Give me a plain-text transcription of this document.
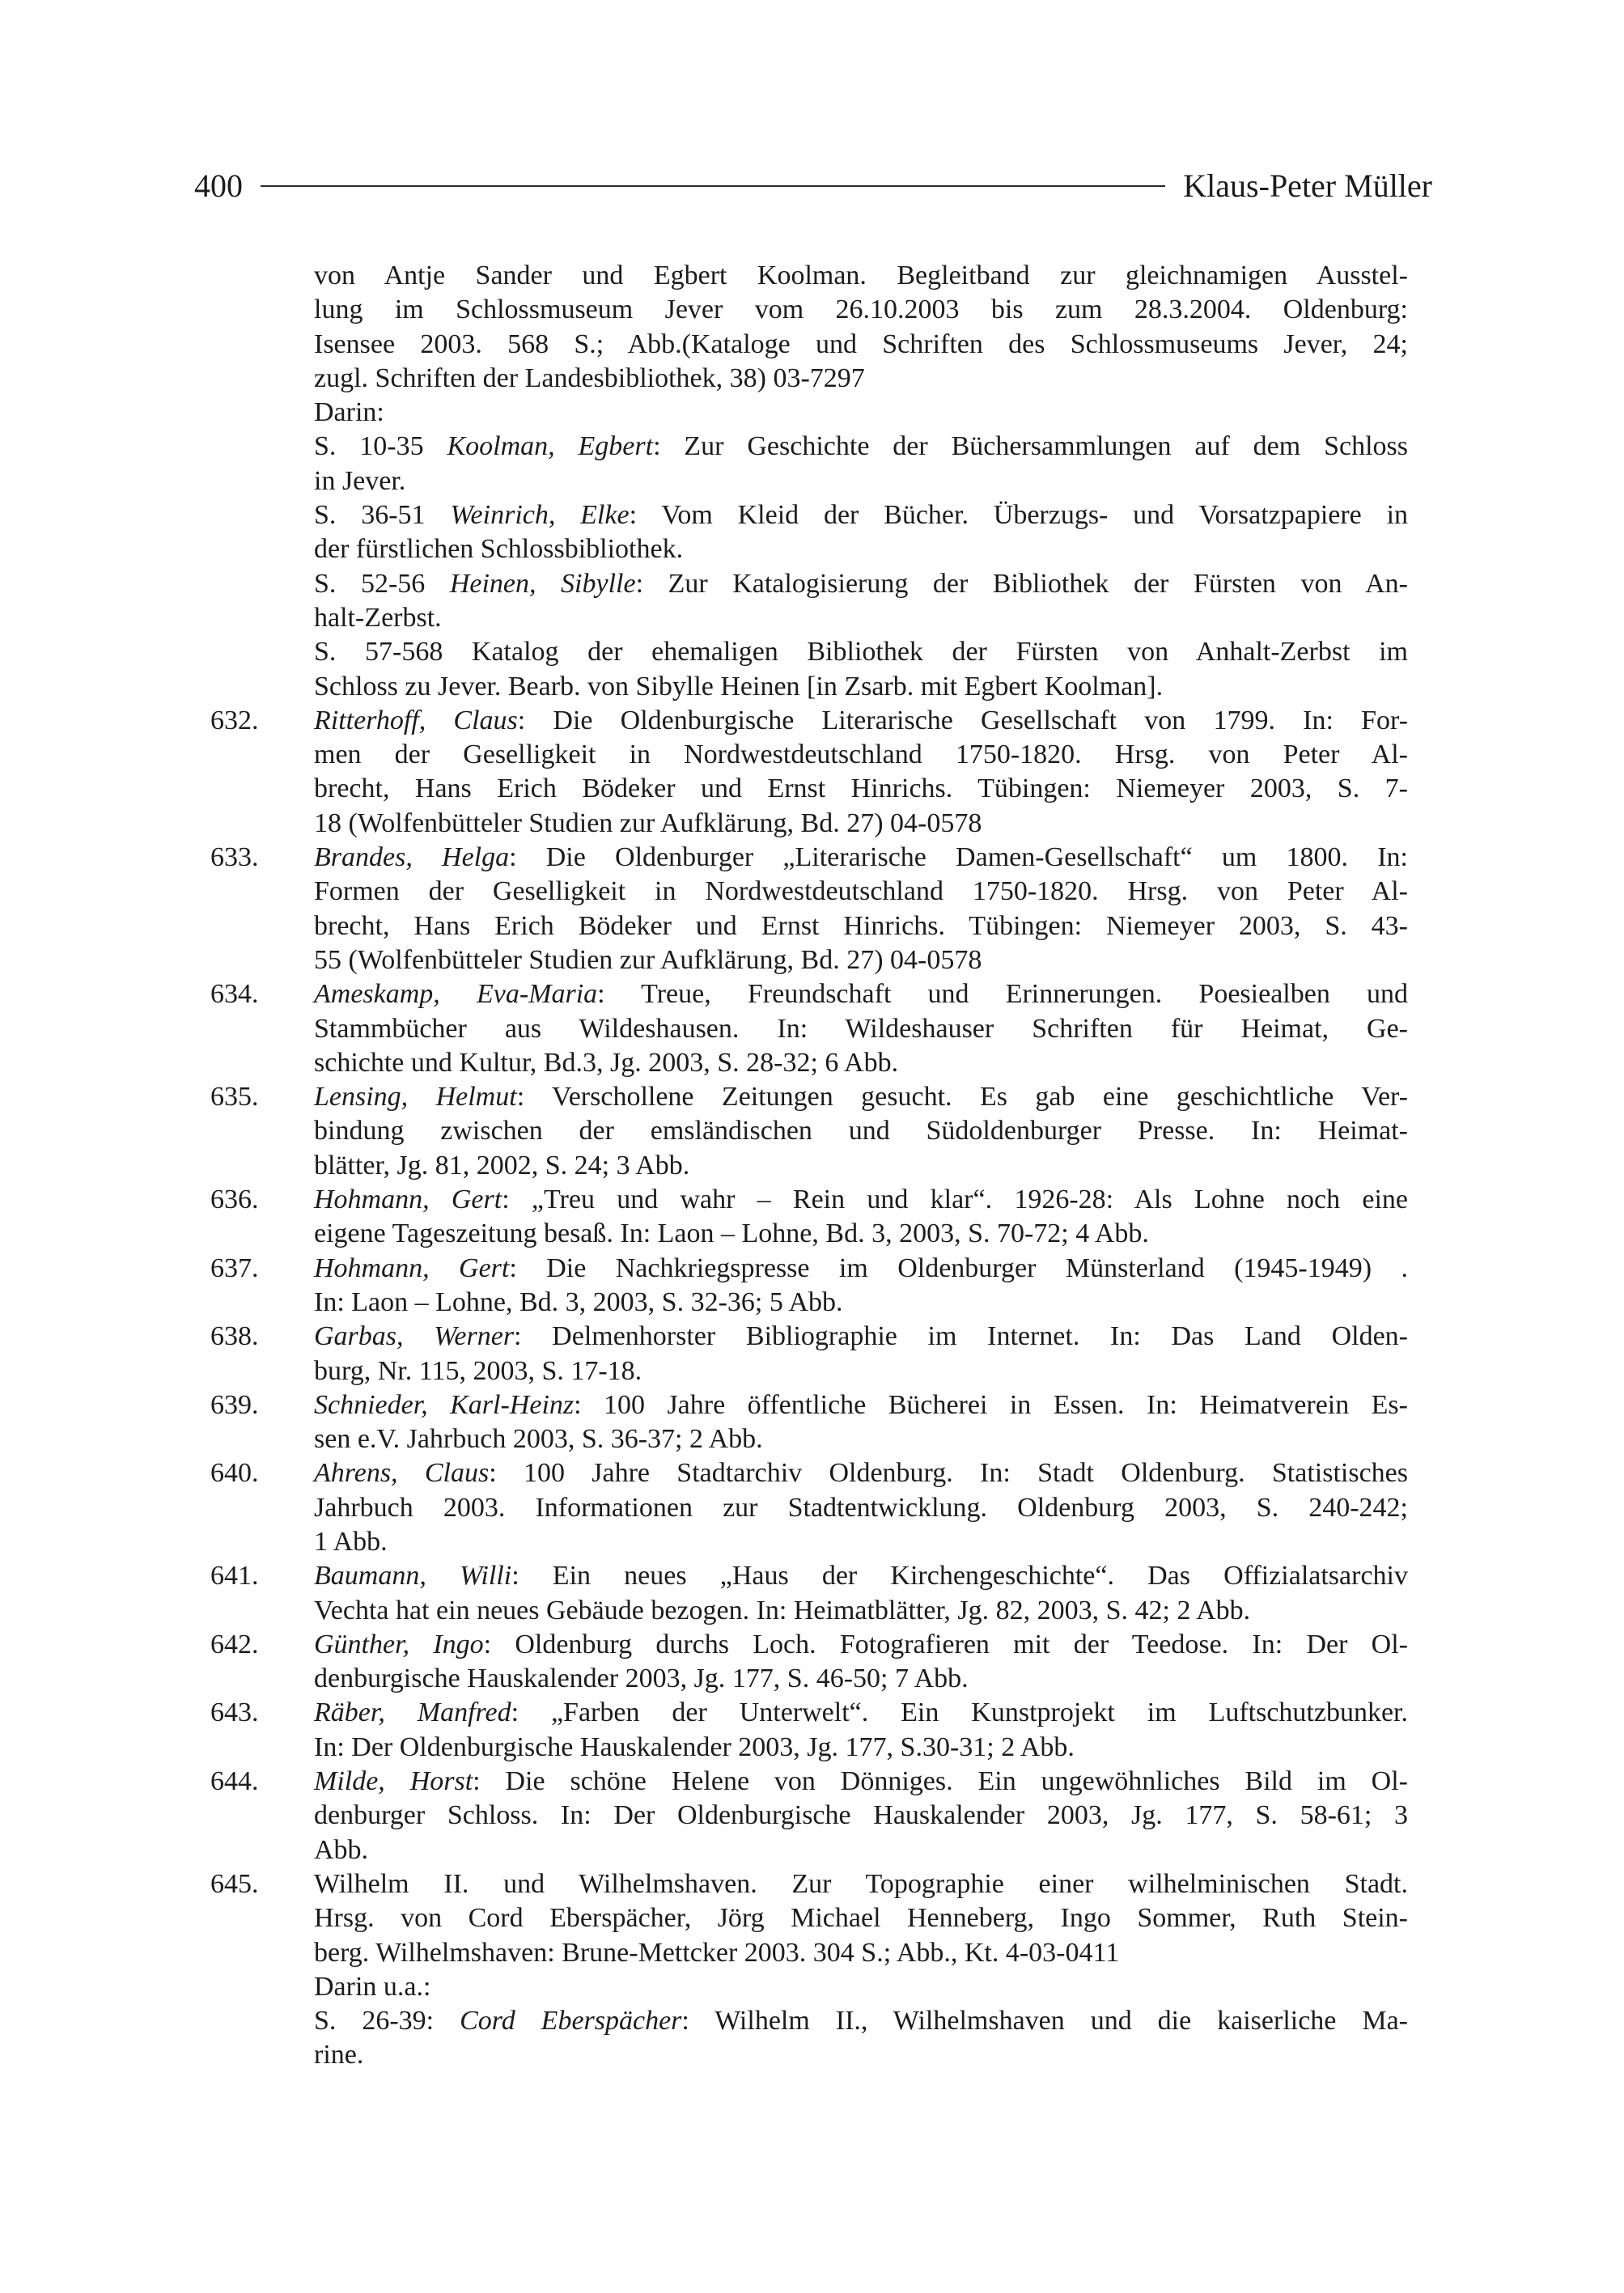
400	Klaus-Peter Müller
von Antje Sander und Egbert Koolman. Begleitband zur gleichnamigen Ausstel-
lung im Schlossmuseum Jever vom 26.10.2003 bis zum 28.3.2004. Oldenburg:
Isensee 2003. 568 S.; Abb.(Kataloge und Schriften des Schlossmuseums Jever, 24;
zugl. Schriften der Landesbibliothek, 38) 03-7297
Darin:
S. 10-35 Koolman, Egbert: Zur Geschichte der Büchersammlungen auf dem Schloss
in Jever.
S. 36-51 Weinrich, Elke: Vom Kleid der Bücher. Überzugs- und Vorsatzpapiere in
der fürstlichen Schlossbibliothek.
S. 52-56 Heinen, Sibylle: Zur Katalogisierung der Bibliothek der Fürsten von An-
halt-Zerbst.
S. 57-568 Katalog der ehemaligen Bibliothek der Fürsten von Anhalt-Zerbst im
Schloss zu Jever. Bearb. von Sibylle Heinen [in Zsarb. mit Egbert Koolman].
632.	Ritterhoff, Claus: Die Oldenburgische Literarische Gesellschaft von 1799. In: For-
men der Geselligkeit in Nordwestdeutschland 1750-1820. Hrsg. von Peter Al-
brecht, Hans Erich Bödeker und Ernst Hinrichs. Tübingen: Niemeyer 2003, S. 7-
18 (Wolfenbütteler Studien zur Aufklärung, Bd. 27) 04-0578
633.	Brandes, Helga: Die Oldenburger „Literarische Damen-Gesellschaft“ um 1800. In:
Formen der Geselligkeit in Nordwestdeutschland 1750-1820. Hrsg. von Peter Al-
brecht, Hans Erich Bödeker und Ernst Hinrichs. Tübingen: Niemeyer 2003, S. 43-
55 (Wolfenbütteler Studien zur Aufklärung, Bd. 27) 04-0578
634.	Ameskamp, Eva-Maria: Treue, Freundschaft und Erinnerungen. Poesiealben und
Stammbücher aus Wildeshausen. In: Wildeshauser Schriften für Heimat, Ge-
schichte und Kultur, Bd.3, Jg. 2003, S. 28-32; 6 Abb.
635.	Lensing, Helmut: Verschollene Zeitungen gesucht. Es gab eine geschichtliche Ver-
bindung zwischen der emsländischen und Südoldenburger Presse. In: Heimat-
blätter, Jg. 81, 2002, S. 24; 3 Abb.
636.	Hohmann, Gert: „Treu und wahr – Rein und klar“. 1926-28: Als Lohne noch eine
eigene Tageszeitung besaß. In: Laon – Lohne, Bd. 3, 2003, S. 70-72; 4 Abb.
637.	Hohmann, Gert: Die Nachkriegspresse im Oldenburger Münsterland (1945-1949) .
In: Laon – Lohne, Bd. 3, 2003, S. 32-36; 5 Abb.
638.	Garbas, Werner: Delmenhorster Bibliographie im Internet. In: Das Land Olden-
burg, Nr. 115, 2003, S. 17-18.
639.	Schnieder, Karl-Heinz: 100 Jahre öffentliche Bücherei in Essen. In: Heimatverein Es-
sen e.V. Jahrbuch 2003, S. 36-37; 2 Abb.
640.	Ahrens, Claus: 100 Jahre Stadtarchiv Oldenburg. In: Stadt Oldenburg. Statistisches
Jahrbuch 2003. Informationen zur Stadtentwicklung. Oldenburg 2003, S. 240-242;
1 Abb.
641.	Baumann, Willi: Ein neues „Haus der Kirchengeschichte“. Das Offizialatsarchiv
Vechta hat ein neues Gebäude bezogen. In: Heimatblätter, Jg. 82, 2003, S. 42; 2 Abb.
642.	Günther, Ingo: Oldenburg durchs Loch. Fotografieren mit der Teedose. In: Der Ol-
denburgische Hauskalender 2003, Jg. 177, S. 46-50; 7 Abb.
643.	Räber, Manfred: „Farben der Unterwelt“. Ein Kunstprojekt im Luftschutzbunker.
In: Der Oldenburgische Hauskalender 2003, Jg. 177, S.30-31; 2 Abb.
644.	Milde, Horst: Die schöne Helene von Dönniges. Ein ungewöhnliches Bild im Ol-
denburger Schloss. In: Der Oldenburgische Hauskalender 2003, Jg. 177, S. 58-61; 3
Abb.
645.	Wilhelm II. und Wilhelmshaven. Zur Topographie einer wilhelminischen Stadt.
Hrsg. von Cord Eberspächer, Jörg Michael Henneberg, Ingo Sommer, Ruth Stein-
berg. Wilhelmshaven: Brune-Mettcker 2003. 304 S.; Abb., Kt. 4-03-0411
Darin u.a.:
S. 26-39: Cord Eberspächer: Wilhelm II., Wilhelmshaven und die kaiserliche Ma-
rine.
